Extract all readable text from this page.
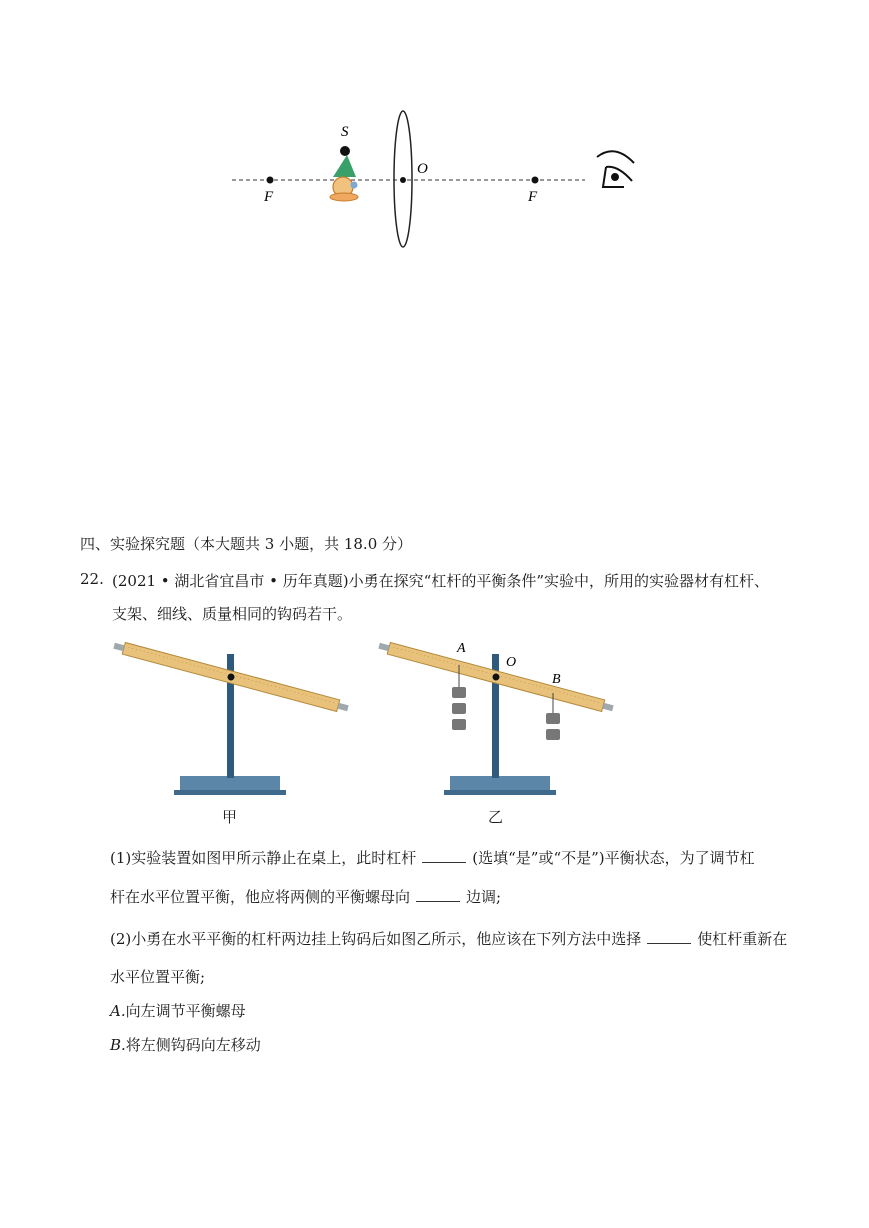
S
O
F	F
四、实验探究题（本大题共 3 小题，共 18.0 分）
22. (2021 • 湖北省宜昌市 • 历年真题)小勇在探究“杠杆的平衡条件”实验中，所用的实验器材有杠杆、
支架、细线、质量相同的钩码若干。
A
O
B
甲	乙
(1)实验装置如图甲所示静止在桌上，此时杠杆	(选填“是”或“不是”)平衡状态，为了调节杠
杆在水平位置平衡，他应将两侧的平衡螺母向	边调;
(2)小勇在水平平衡的杠杆两边挂上钩码后如图乙所示，他应该在下列方法中选择	使杠杆重新在
水平位置平衡;
A.向左调节平衡螺母
B.将左侧钩码向左移动
